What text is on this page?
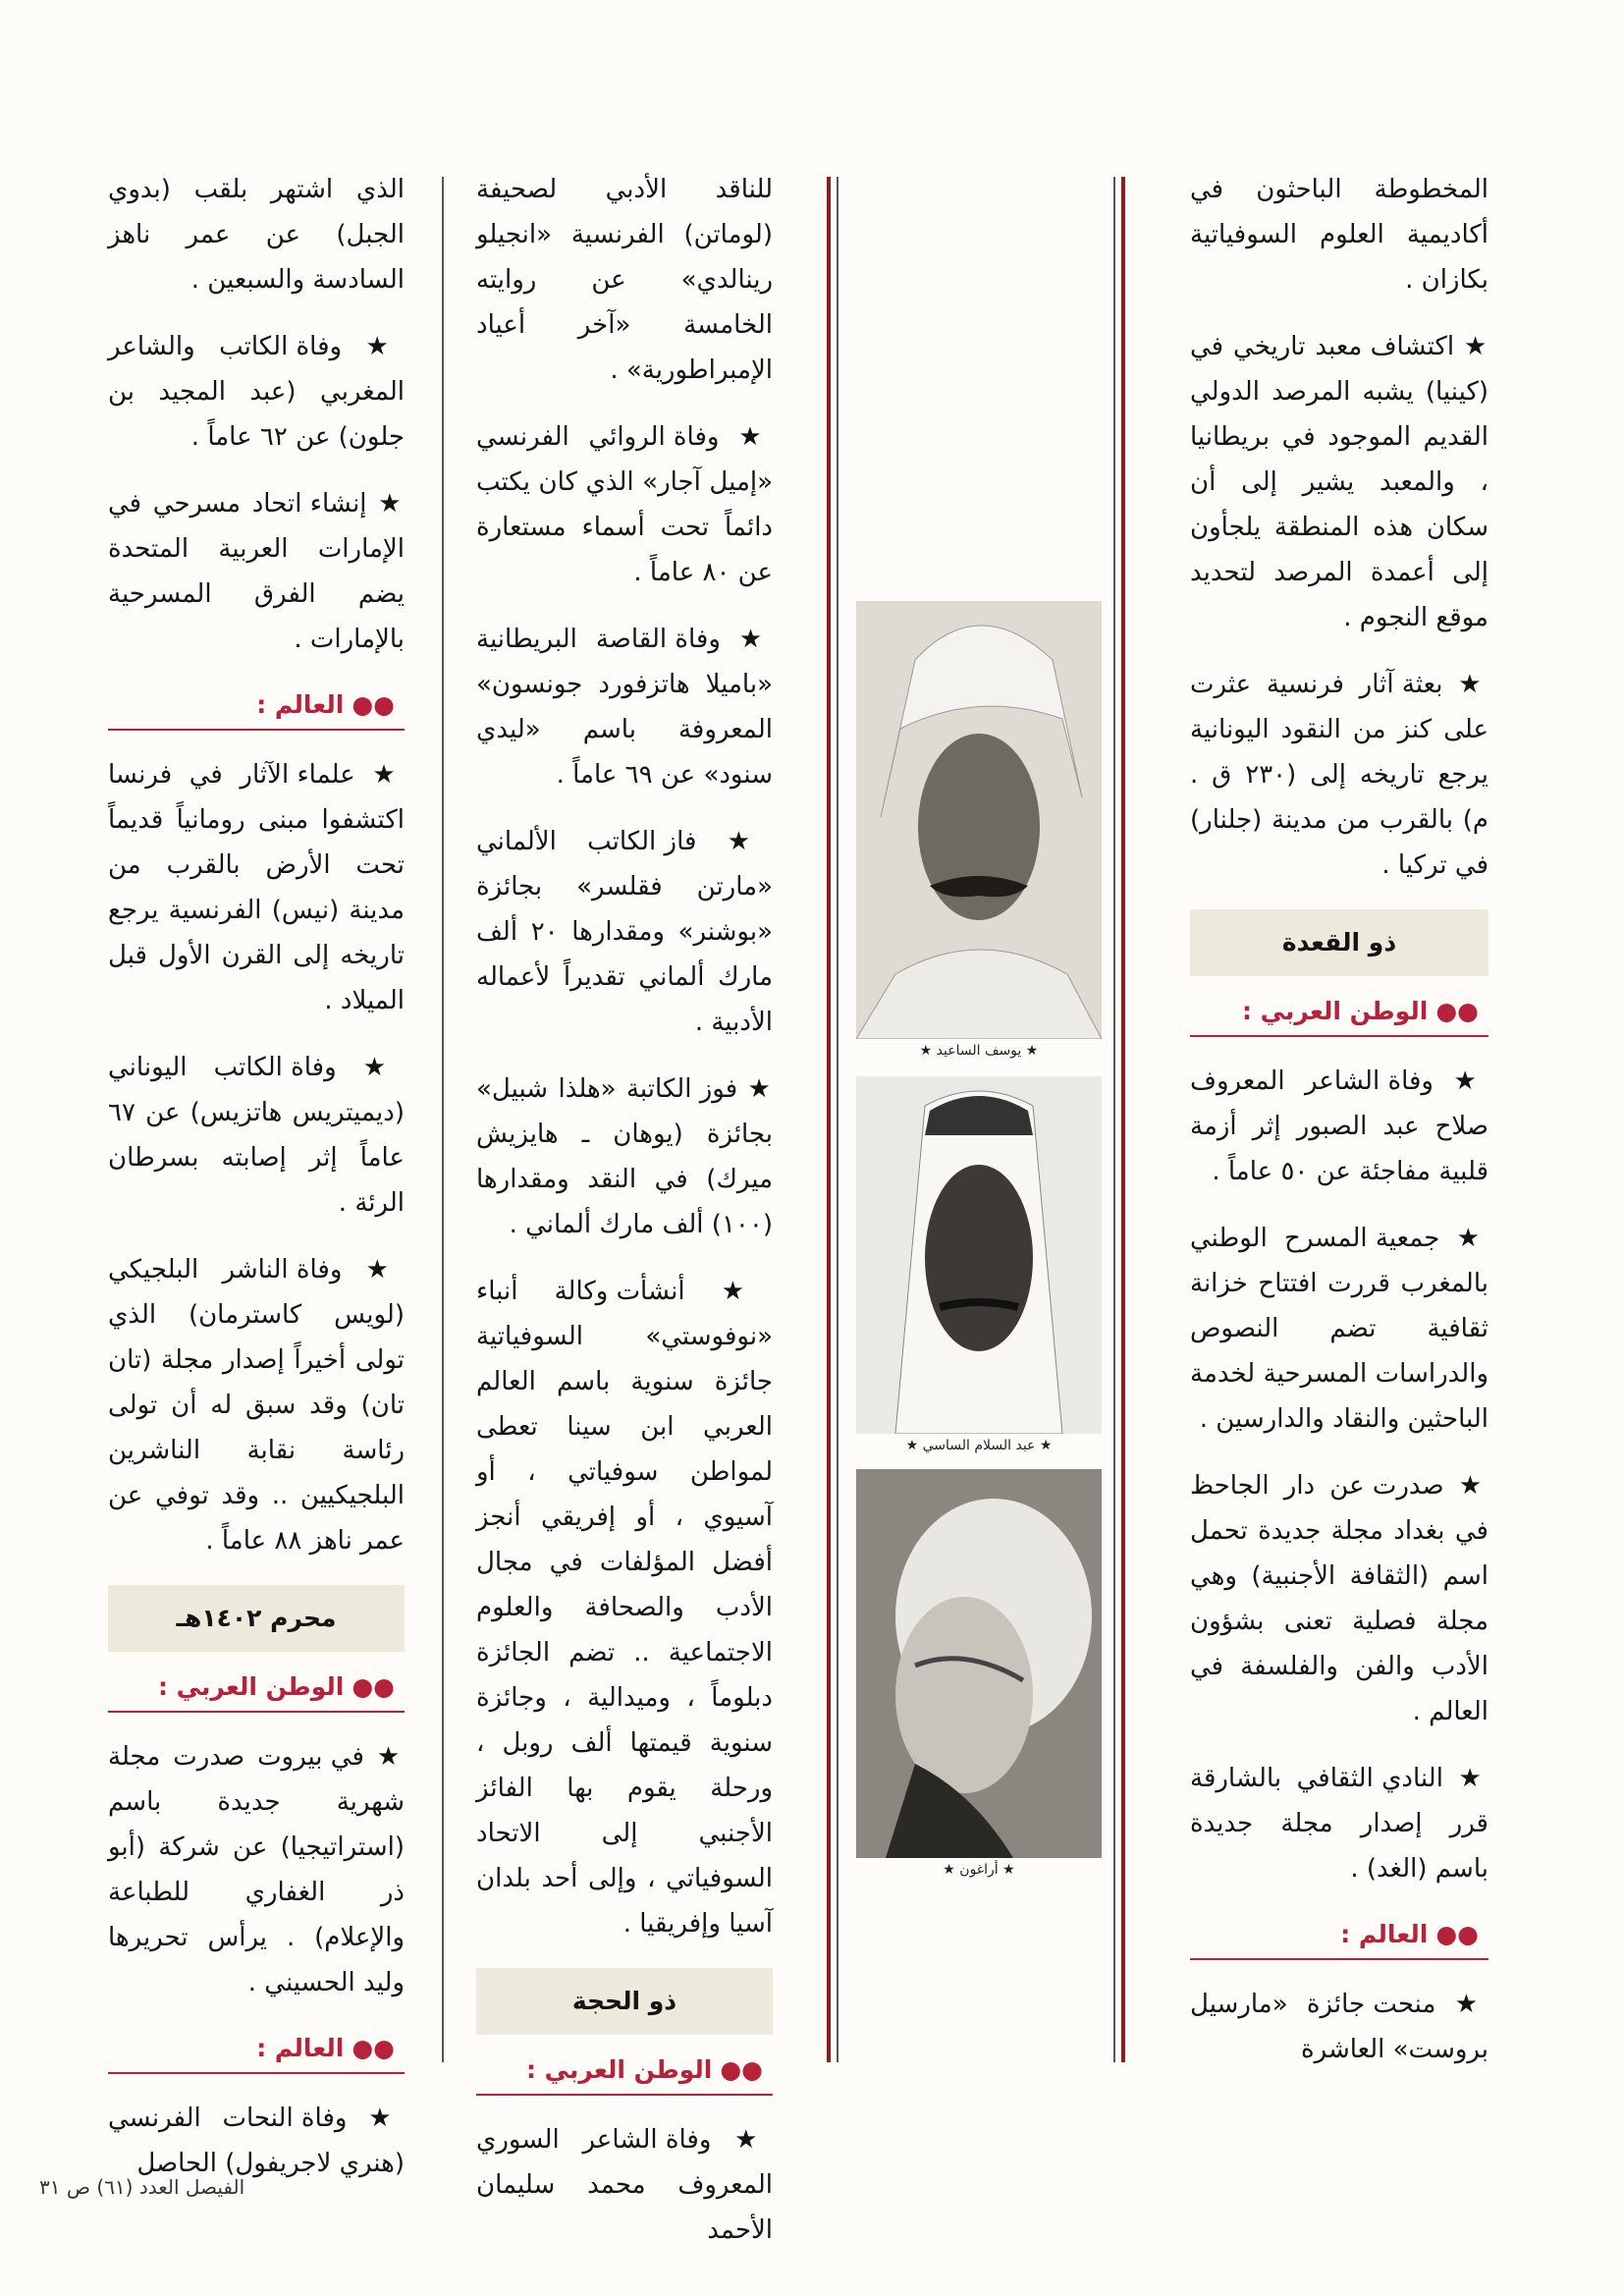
المخطوطة الباحثون في أكاديمية العلوم السوفياتية بكازان .

★ اكتشاف معبد تاريخي في (كينيا) يشبه المرصد الدولي القديم الموجود في بريطانيا ، والمعبد يشير إلى أن سكان هذه المنطقة يلجأون إلى أعمدة المرصد لتحديد موقع النجوم .

★ بعثة آثار فرنسية عثرت على كنز من النقود اليونانية يرجع تاريخه إلى (٢٣٠ ق . م) بالقرب من مدينة (جلنار) في تركيا .

ذو القعدة
●●الوطن العربي :

★ وفاة الشاعر المعروف صلاح عبد الصبور إثر أزمة قلبية مفاجئة عن ٥٠ عاماً .

★ جمعية المسرح الوطني بالمغرب قررت افتتاح خزانة ثقافية تضم النصوص والدراسات المسرحية لخدمة الباحثين والنقاد والدارسين .

★ صدرت عن دار الجاحظ في بغداد مجلة جديدة تحمل اسم (الثقافة الأجنبية) وهي مجلة فصلية تعنى بشؤون الأدب والفن والفلسفة في العالم .

★ النادي الثقافي بالشارقة قرر إصدار مجلة جديدة باسم (الغد) .

●●العالم :

★ منحت جائزة «مارسيل بروست» العاشرة

★ يوسف الساعيد ★
★ عبد السلام الساسي ★
★ أراغون ★

للناقد الأدبي لصحيفة (لوماتن) الفرنسية «انجيلو رينالدي» عن روايته الخامسة «آخر أعياد الإمبراطورية» .

★ وفاة الروائي الفرنسي «إميل آجار» الذي كان يكتب دائماً تحت أسماء مستعارة عن ٨٠ عاماً .

★ وفاة القاصة البريطانية «باميلا هاتزفورد جونسون» المعروفة باسم «ليدي سنود» عن ٦٩ عاماً .

★ فاز الكاتب الألماني «مارتن فقلسر» بجائزة «بوشنر» ومقدارها ٢٠ ألف مارك ألماني تقديراً لأعماله الأدبية .

★ فوز الكاتبة «هلذا شبيل» بجائزة (يوهان ـ هايزيش ميرك) في النقد ومقدارها (١٠٠) ألف مارك ألماني .

★ أنشأت وكالة أنباء «نوفوستي» السوفياتية جائزة سنوية باسم العالم العربي ابن سينا تعطى لمواطن سوفياتي ، أو آسيوي ، أو إفريقي أنجز أفضل المؤلفات في مجال الأدب والصحافة والعلوم الاجتماعية .. تضم الجائزة دبلوماً ، وميدالية ، وجائزة سنوية قيمتها ألف روبل ، ورحلة يقوم بها الفائز الأجنبي إلى الاتحاد السوفياتي ، وإلى أحد بلدان آسيا وإفريقيا .

ذو الحجة
●●الوطن العربي :

★ وفاة الشاعر السوري المعروف محمد سليمان الأحمد

الذي اشتهر بلقب (بدوي الجبل) عن عمر ناهز السادسة والسبعين .

★ وفاة الكاتب والشاعر المغربي (عبد المجيد بن جلون) عن ٦٢ عاماً .

★ إنشاء اتحاد مسرحي في الإمارات العربية المتحدة يضم الفرق المسرحية بالإمارات .

●●العالم :

★ علماء الآثار في فرنسا اكتشفوا مبنى رومانياً قديماً تحت الأرض بالقرب من مدينة (نيس) الفرنسية يرجع تاريخه إلى القرن الأول قبل الميلاد .

★ وفاة الكاتب اليوناني (ديميتريس هاتزيس) عن ٦٧ عاماً إثر إصابته بسرطان الرئة .

★ وفاة الناشر البلجيكي (لويس كاسترمان) الذي تولى أخيراً إصدار مجلة (تان تان) وقد سبق له أن تولى رئاسة نقابة الناشرين البلجيكيين .. وقد توفي عن عمر ناهز ٨٨ عاماً .

محرم ١٤٠٢هـ
●●الوطن العربي :

★ في بيروت صدرت مجلة شهرية جديدة باسم (استراتيجيا) عن شركة (أبو ذر الغفاري للطباعة والإعلام) . يرأس تحريرها وليد الحسيني .

●●العالم :

★ وفاة النحات الفرنسي (هنري لاجريفول) الحاصل

الفيصل العدد (٦١) ص ٣١
